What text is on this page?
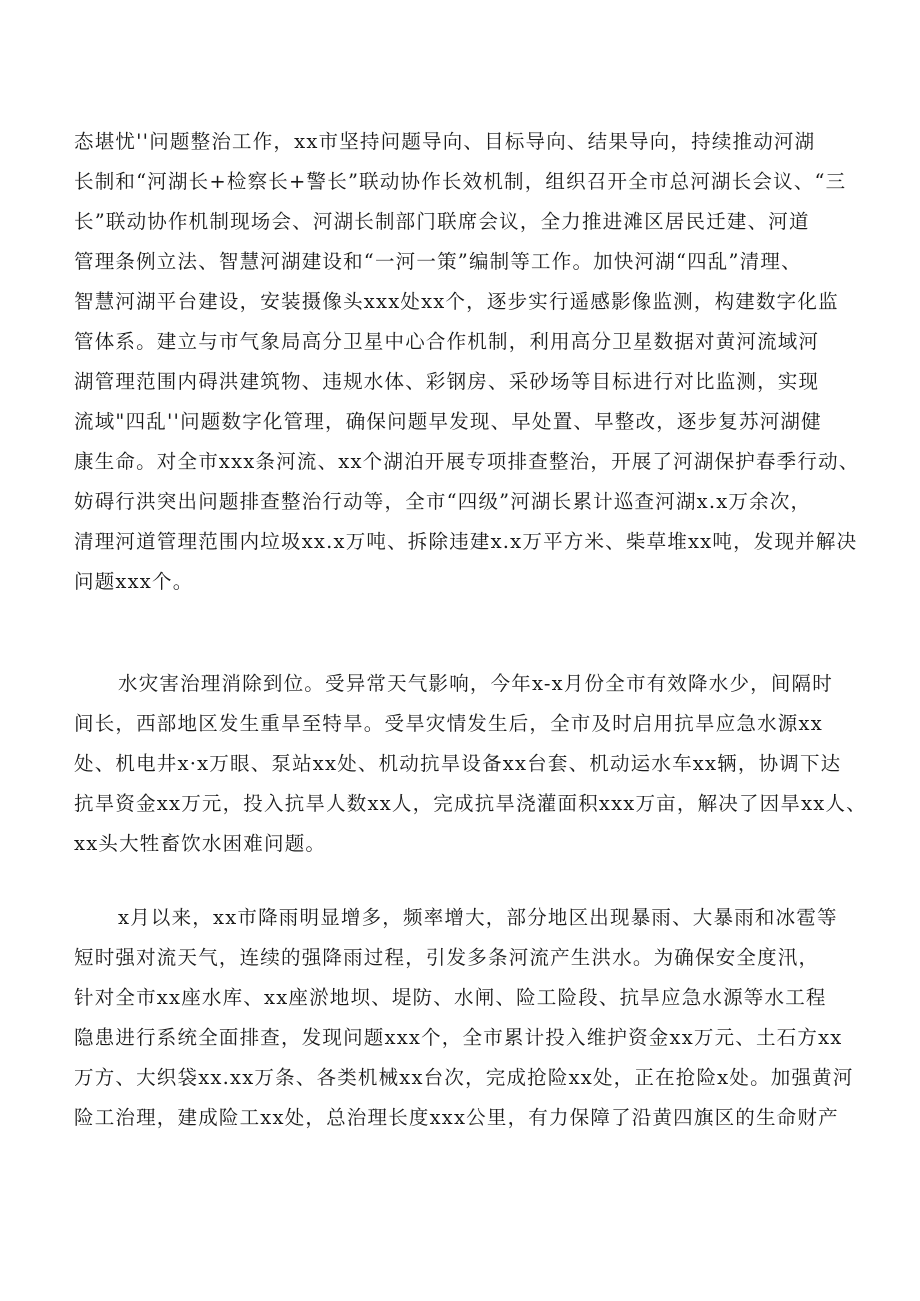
态堪忧''问题整治工作，xx市坚持问题导向、目标导向、结果导向，持续推动河湖
长制和“河湖长+检察长+警长”联动协作长效机制，组织召开全市总河湖长会议、“三
长”联动协作机制现场会、河湖长制部门联席会议，全力推进滩区居民迁建、河道
管理条例立法、智慧河湖建设和“一河一策”编制等工作。加快河湖“四乱”清理、
智慧河湖平台建设，安装摄像头xxx处xx个，逐步实行遥感影像监测，构建数字化监
管体系。建立与市气象局高分卫星中心合作机制，利用高分卫星数据对黄河流域河
湖管理范围内碍洪建筑物、违规水体、彩钢房、采砂场等目标进行对比监测，实现
流域"四乱''问题数字化管理，确保问题早发现、早处置、早整改，逐步复苏河湖健
康生命。对全市xxx条河流、xx个湖泊开展专项排查整治，开展了河湖保护春季行动、
妨碍行洪突出问题排查整治行动等，全市“四级”河湖长累计巡查河湖x.x万余次，
清理河道管理范围内垃圾xx.x万吨、拆除违建x.x万平方米、柴草堆xx吨，发现并解决
问题xxx个。
水灾害治理消除到位。受异常天气影响，今年x-x月份全市有效降水少，间隔时
间长，西部地区发生重旱至特旱。受旱灾情发生后，全市及时启用抗旱应急水源xx
处、机电井x·x万眼、泵站xx处、机动抗旱设备xx台套、机动运水车xx辆，协调下达
抗旱资金xx万元，投入抗旱人数xx人，完成抗旱浇灌面积xxx万亩，解决了因旱xx人、
xx头大牲畜饮水困难问题。
x月以来，xx市降雨明显增多，频率增大，部分地区出现暴雨、大暴雨和冰雹等
短时强对流天气，连续的强降雨过程，引发多条河流产生洪水。为确保安全度汛，
针对全市xx座水库、xx座淤地坝、堤防、水闸、险工险段、抗旱应急水源等水工程
隐患进行系统全面排查，发现问题xxx个，全市累计投入维护资金xx万元、土石方xx
万方、大织袋xx.xx万条、各类机械xx台次，完成抢险xx处，正在抢险x处。加强黄河
险工治理，建成险工xx处，总治理长度xxx公里，有力保障了沿黄四旗区的生命财产
